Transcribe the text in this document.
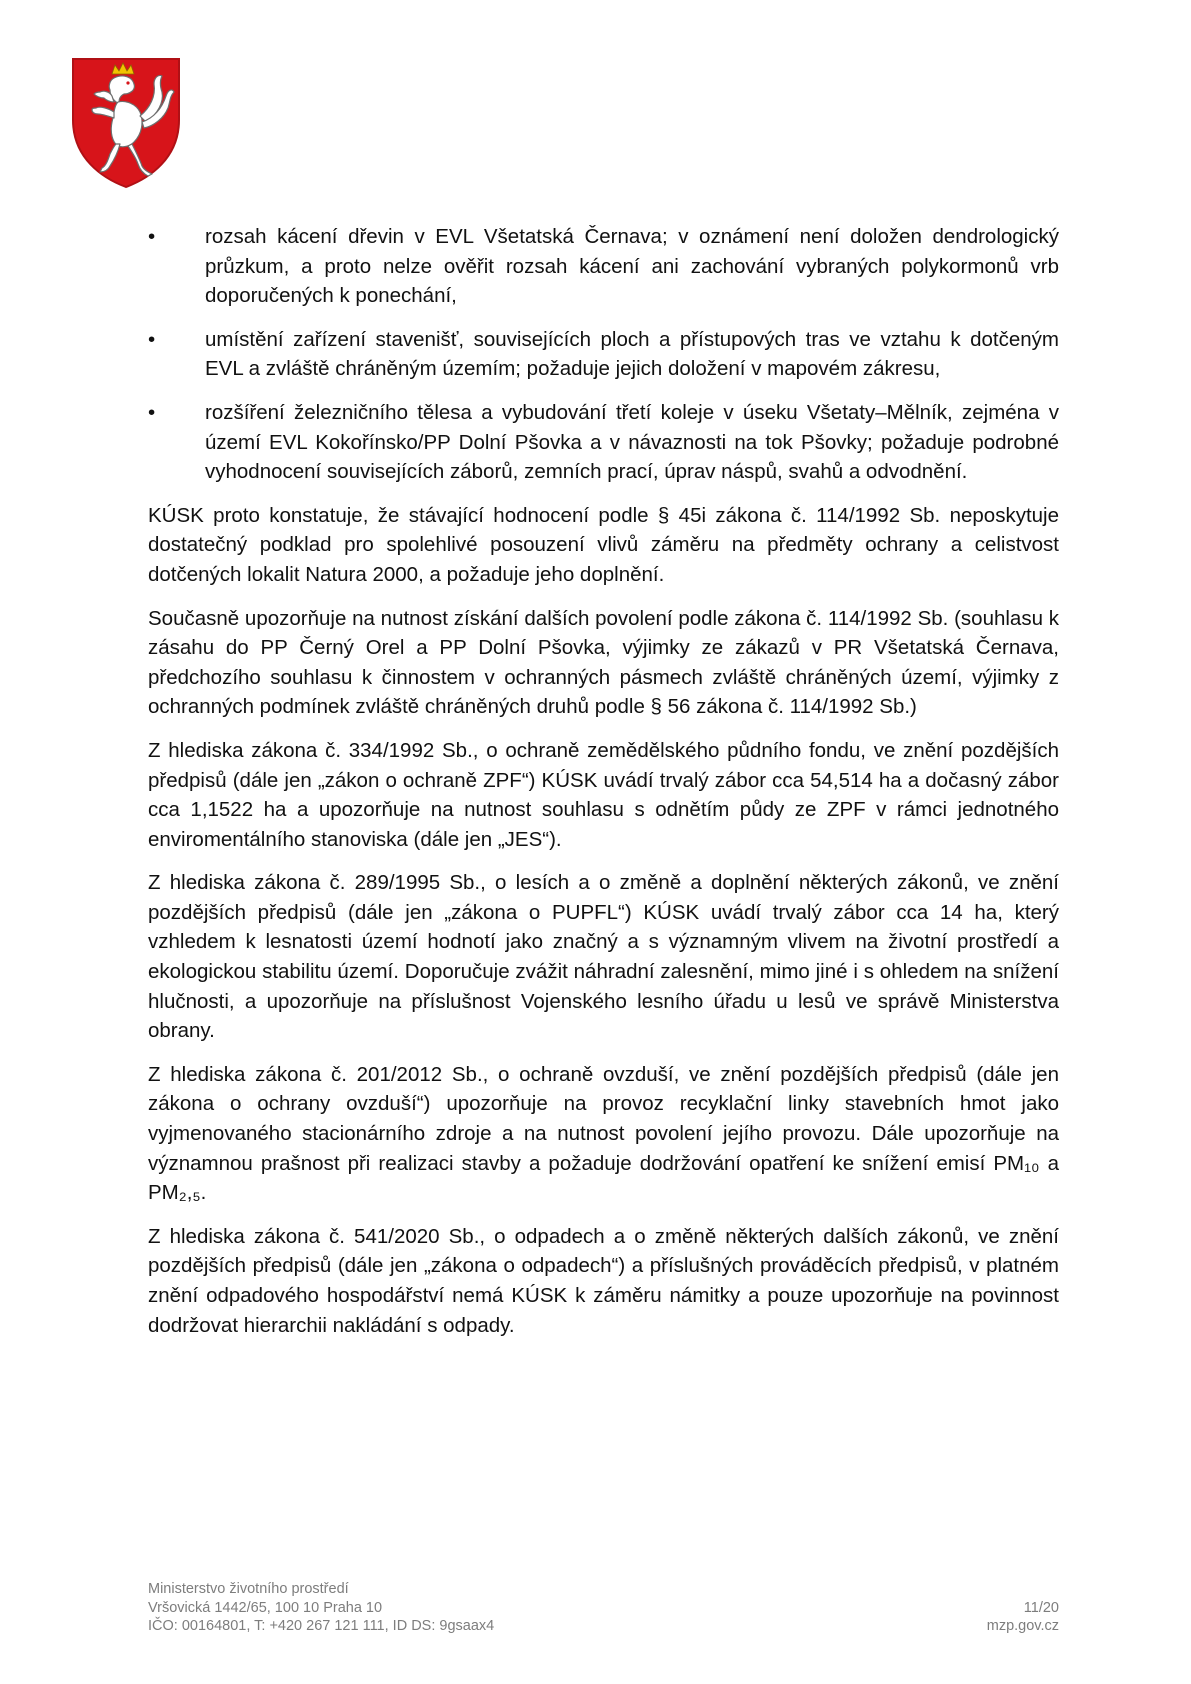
• rozsah kácení dřevin v EVL Všetatská Černava; v oznámení není doložen dendrologický průzkum, a proto nelze ověřit rozsah kácení ani zachování vybraných polykormonů vrb doporučených k ponechání,
• umístění zařízení stavenišť, souvisejících ploch a přístupových tras ve vztahu k dotčeným EVL a zvláště chráněným územím; požaduje jejich doložení v mapovém zákresu,
• rozšíření železničního tělesa a vybudování třetí koleje v úseku Všetaty–Mělník, zejména v území EVL Kokořínsko/PP Dolní Pšovka a v návaznosti na tok Pšovky; požaduje podrobné vyhodnocení souvisejících záborů, zemních prací, úprav náspů, svahů a odvodnění.

KÚSK proto konstatuje, že stávající hodnocení podle § 45i zákona č. 114/1992 Sb. neposkytuje dostatečný podklad pro spolehlivé posouzení vlivů záměru na předměty ochrany a celistvost dotčených lokalit Natura 2000, a požaduje jeho doplnění.

Současně upozorňuje na nutnost získání dalších povolení podle zákona č. 114/1992 Sb. (souhlasu k zásahu do PP Černý Orel a PP Dolní Pšovka, výjimky ze zákazů v PR Všetatská Černava, předchozího souhlasu k činnostem v ochranných pásmech zvláště chráněných území, výjimky z ochranných podmínek zvláště chráněných druhů podle § 56 zákona č. 114/1992 Sb.)

Z hlediska zákona č. 334/1992 Sb., o ochraně zemědělského půdního fondu, ve znění pozdějších předpisů (dále jen „zákon o ochraně ZPF“) KÚSK uvádí trvalý zábor cca 54,514 ha a dočasný zábor cca 1,1522 ha a upozorňuje na nutnost souhlasu s odnětím půdy ze ZPF v rámci jednotného enviromentálního stanoviska (dále jen „JES“).

Z hlediska zákona č. 289/1995 Sb., o lesích a o změně a doplnění některých zákonů, ve znění pozdějších předpisů (dále jen „zákona o PUPFL“) KÚSK uvádí trvalý zábor cca 14 ha, který vzhledem k lesnatosti území hodnotí jako značný a s významným vlivem na životní prostředí a ekologickou stabilitu území. Doporučuje zvážit náhradní zalesnění, mimo jiné i s ohledem na snížení hlučnosti, a upozorňuje na příslušnost Vojenského lesního úřadu u lesů ve správě Ministerstva obrany.

Z hlediska zákona č. 201/2012 Sb., o ochraně ovzduší, ve znění pozdějších předpisů (dále jen zákona o ochrany ovzduší“) upozorňuje na provoz recyklační linky stavebních hmot jako vyjmenovaného stacionárního zdroje a na nutnost povolení jejího provozu. Dále upozorňuje na významnou prašnost při realizaci stavby a požaduje dodržování opatření ke snížení emisí PM₁₀ a PM₂,₅.

Z hlediska zákona č. 541/2020 Sb., o odpadech a o změně některých dalších zákonů, ve znění pozdějších předpisů (dále jen „zákona o odpadech“) a příslušných prováděcích předpisů, v platném znění odpadového hospodářství nemá KÚSK k záměru námitky a pouze upozorňuje na povinnost dodržovat hierarchii nakládání s odpady.

Ministerstvo životního prostředí
Vršovická 1442/65, 100 10 Praha 10
IČO: 00164801, T: +420 267 121 111, ID DS: 9gsaax4
11/20
mzp.gov.cz
